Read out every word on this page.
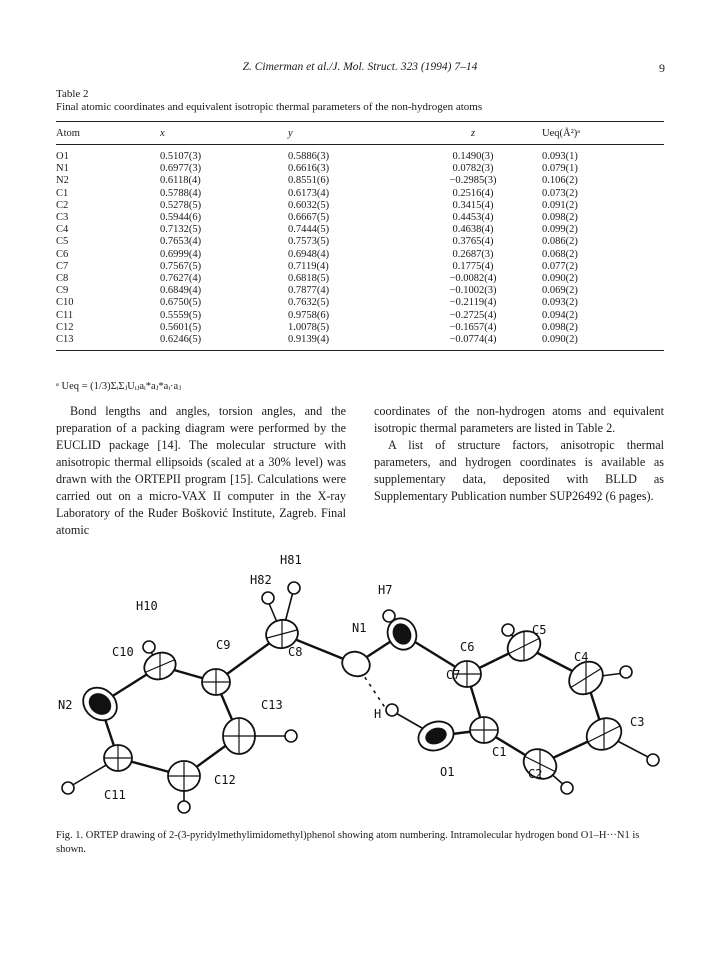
Z. Cimerman et al./J. Mol. Struct. 323 (1994) 7–14	9
Table 2
Final atomic coordinates and equivalent isotropic thermal parameters of the non-hydrogen atoms
Atom	x	y	z	Ueq(Å²)ᵃ
O1	0.5107(3)	0.5886(3)	0.1490(3)	0.093(1)
N1	0.6977(3)	0.6616(3)	0.0782(3)	0.079(1)
N2	0.6118(4)	0.8551(6)	−0.2985(3)	0.106(2)
C1	0.5788(4)	0.6173(4)	0.2516(4)	0.073(2)
C2	0.5278(5)	0.6032(5)	0.3415(4)	0.091(2)
C3	0.5944(6)	0.6667(5)	0.4453(4)	0.098(2)
C4	0.7132(5)	0.7444(5)	0.4638(4)	0.099(2)
C5	0.7653(4)	0.7573(5)	0.3765(4)	0.086(2)
C6	0.6999(4)	0.6948(4)	0.2687(3)	0.068(2)
C7	0.7567(5)	0.7119(4)	0.1775(4)	0.077(2)
C8	0.7627(4)	0.6818(5)	−0.0082(4)	0.090(2)
C9	0.6849(4)	0.7877(4)	−0.1002(3)	0.069(2)
C10	0.6750(5)	0.7632(5)	−0.2119(4)	0.093(2)
C11	0.5559(5)	0.9758(6)	−0.2725(4)	0.094(2)
C12	0.5601(5)	1.0078(5)	−0.1657(4)	0.098(2)
C13	0.6246(5)	0.9139(4)	−0.0774(4)	0.090(2)
ᵃ Ueq = (1/3)ΣᵢΣⱼUᵢⱼaᵢ*aⱼ*aᵢ·aⱼ

Bond lengths and angles, torsion angles, and the preparation of a packing diagram were performed by the EUCLID package [14]. The molecular structure with anisotropic thermal ellipsoids (scaled at a 30% level) was drawn with the ORTEPII program [15]. Calculations were carried out on a micro-VAX II computer in the X-ray Laboratory of the Ruđer Bošković Institute, Zagreb. Final atomic

coordinates of the non-hydrogen atoms and equivalent isotropic thermal parameters are listed in Table 2.

A list of structure factors, anisotropic thermal parameters, and hydrogen coordinates is available as supplementary data, deposited with BLLD as Supplementary Publication number SUP26492 (6 pages).

H81
H82
H7
H10
N1	C5
C10	C9	C8	C6
C4
C7
N2	C13
C3
H
C1
C12
O1	C2
C11
Fig. 1. ORTEP drawing of 2-(3-pyridylmethylimidomethyl)phenol showing atom numbering. Intramolecular hydrogen bond O1–H···N1 is shown.
